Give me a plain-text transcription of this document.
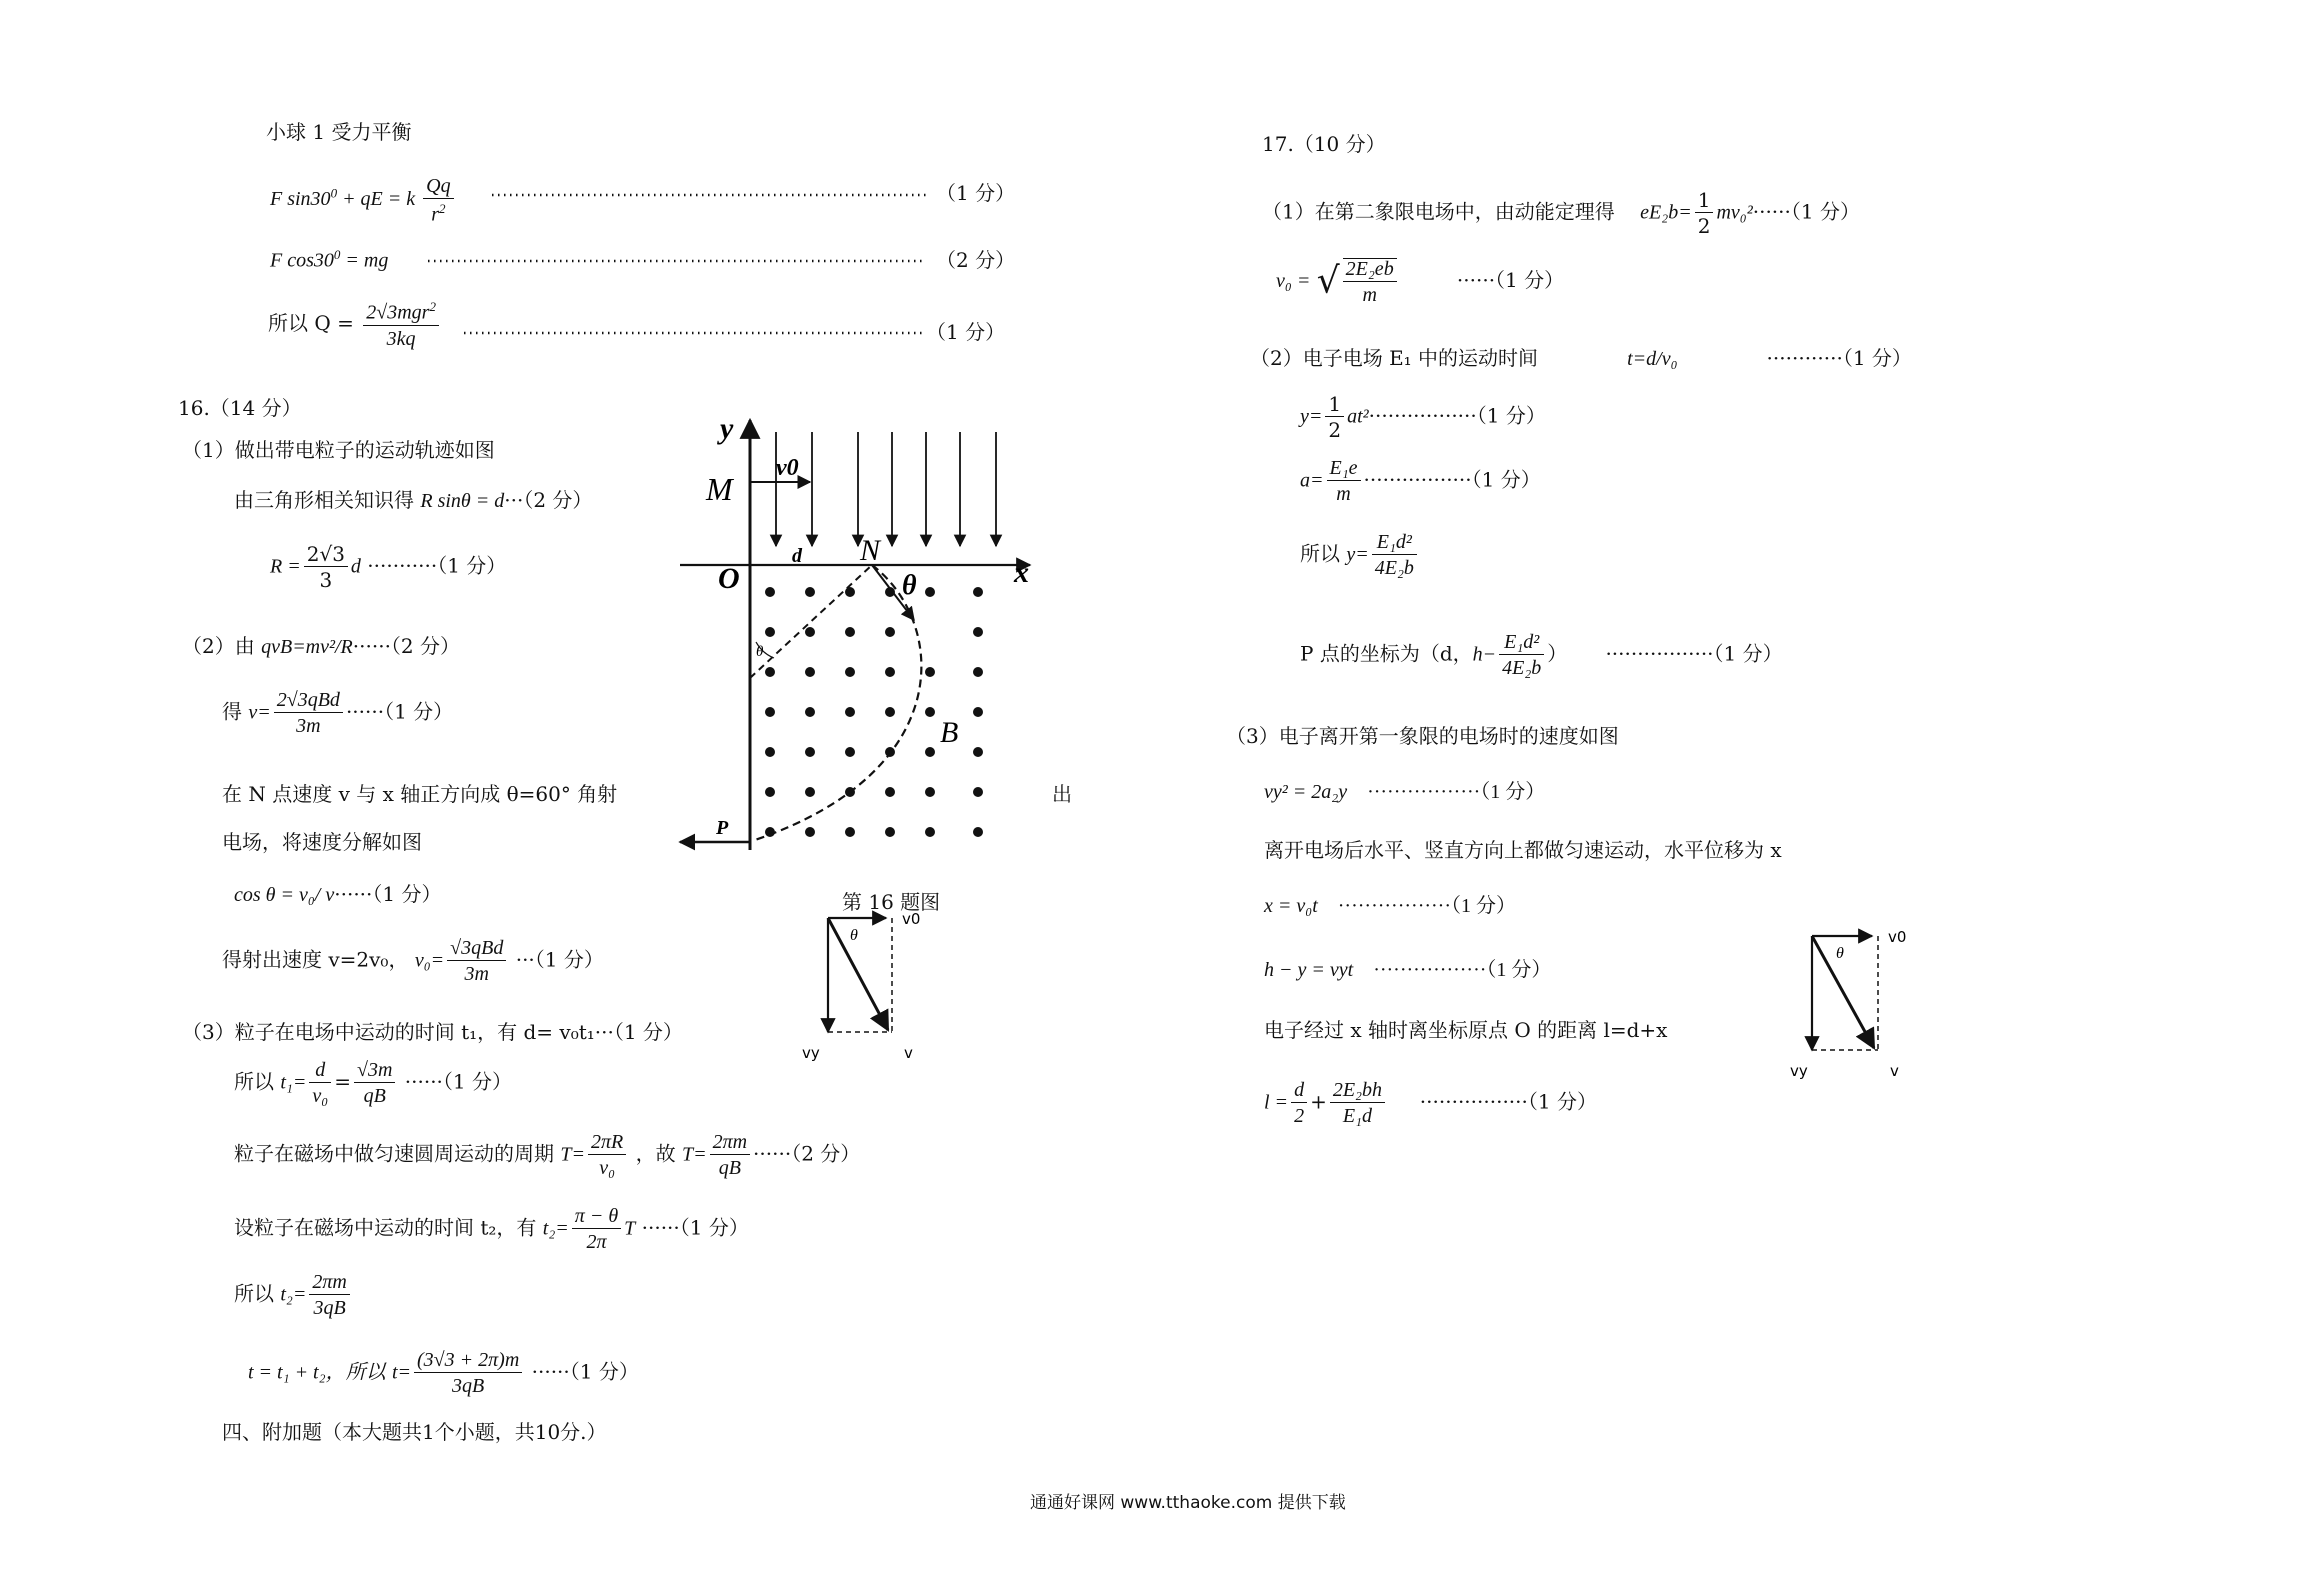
小球 1 受力平衡
F $\sin 30^0$ + qE = k $\frac{Qq}{r^2}$	（1 分）
F $\cos 30^0$ = mg	（2 分）
所以 $Q = \frac{2√3mgr^2}{3kq}$	（1 分）
16.（14 分）
（1）做出带电粒子的运动轨迹如图
由三角形相关知识得 R sinθ = d···（2 分）
$R = \frac{2√3}{3}$ d ···········（1 分）
（2）由 qvB=mv²/R······（2 分）
得 $v= \frac{\text{2√3qBd}}{3m} \cdot\cdot\cdot\cdot\cdot\cdot(1$ 分）
在 N 点速度 v 与 x 轴正方向成 θ=60° 角射	出
电场，将速度分解如图
cos θ = v₀/ v······（1 分）
得射出速度 v=2v₀， $v_0= \frac{\text{√3qBd}}{3m} \cdot\cdot\cdot(1$ 分）
（3）粒子在电场中运动的时间 t₁，有 d= v₀t₁···（1 分）
所以 $t_1= \frac{d}{\text{v₀}} = \frac{√3m}{qB} \cdot\cdot\cdot\cdot\cdot\cdot(1$ 分）
粒子在磁场中做匀速圆周运动的周期 $T= \frac{2\pi R}{\text{v₀}}$ ，故 $T= \frac{2\pi m}{qB} \cdot\cdot\cdot\cdot\cdot\cdot(2$ 分）
设粒子在磁场中运动的时间 t₂，有 $t_2= \frac{\pi - \theta}{2\pi}$ T ······（1 分）
所以 $t_2= \frac{2\pi m}{3qB}$
t = t₁ + t₂，所以 $t= \frac{(3√3 + 2\pi)m}{3qB} \cdot\cdot\cdot\cdot\cdot\cdot(1$ 分）
四、附加题（本大题共1个小题，共10分.）
y
x
O
M
v0
d N
θ
θ
B
P
第 16 题图
θ
v0
vy	v
17.（10 分）
（1）在第二象限电场中，由动能定理得 $eE_2b= \frac{1}{2} mv_0^2\cdot\cdot\cdot\cdot\cdot\cdot(1$ 分）
v₀ = √ $\frac{\text{2E₂eb}}{m}$	······（1 分）
（2）电子电场 E₁ 中的运动时间	t=d/v₀	············（1 分）
$y= \frac{1}{2} at^2\cdot\cdot\cdot\cdot\cdot\cdot\cdot\cdot\cdot\cdot\cdot\cdot\cdot\cdot\cdot\cdot\cdot(1$ 分）
$a= \frac{\text{E₁e}}{m} \cdot\cdot\cdot\cdot\cdot\cdot\cdot\cdot\cdot\cdot\cdot\cdot\cdot\cdot\cdot\cdot\cdot(1$ 分）
所以 $y= \frac{\text{E₁d²}}{\text{4E₂b}}$
P 点的坐标为（d，$h- \frac{\text{E₁d²}}{\text{4E₂b}}$ ） ·················（1 分）
（3）电子离开第一象限的电场时的速度如图
vy² = 2a₂y ·················（1 分）
离开电场后水平、竖直方向上都做匀速运动，水平位移为 x
x = v₀t ·················（1 分）
h − y = vyt ·················（1 分）
电子经过 x 轴时离坐标原点 O 的距离 l=d+x
$l = \frac{d}{2} + \frac{\text{2E₂bh}}{\text{E₁d}} \cdot\cdot\cdot\cdot\cdot\cdot\cdot\cdot\cdot\cdot\cdot\cdot\cdot\cdot\cdot\cdot\cdot(1$ 分）
θ
v0
vy	v
通通好课网 www.tthaoke.com 提供下载
